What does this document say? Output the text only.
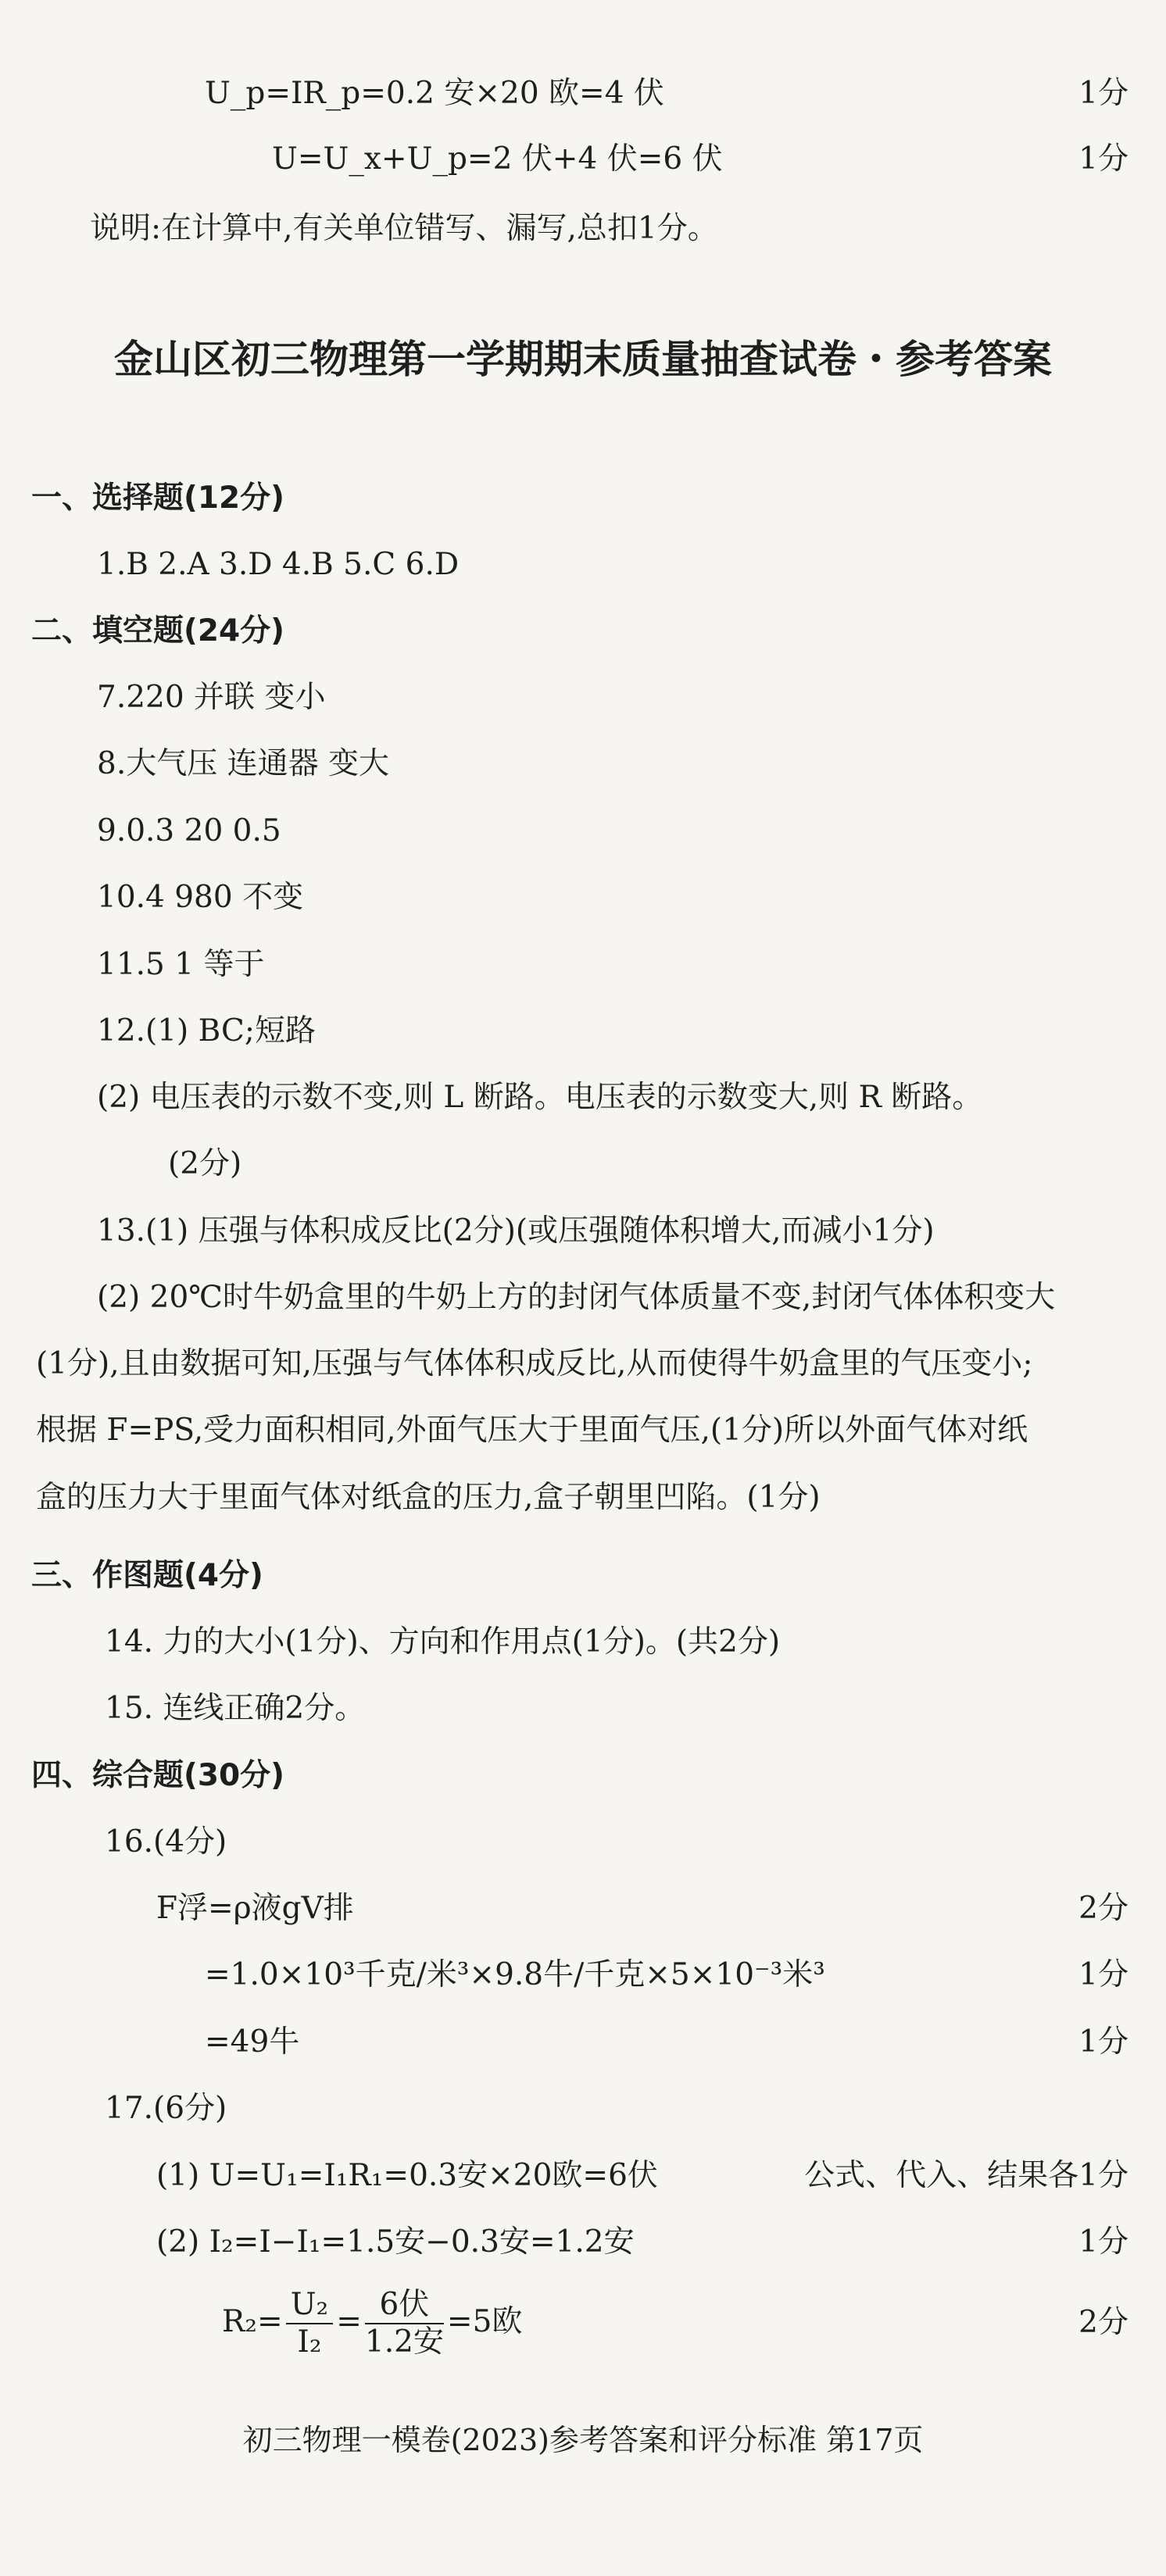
U_p=IR_p=0.2 安×20 欧=4 伏	1分
U=U_x+U_p=2 伏+4 伏=6 伏	1分
说明:在计算中,有关单位错写、漏写,总扣1分。
金山区初三物理第一学期期末质量抽查试卷・参考答案
一、选择题(12分)
1.B 2.A 3.D 4.B 5.C 6.D
二、填空题(24分)
7.220 并联 变小
8.大气压 连通器 变大
9.0.3 20 0.5
10.4 980 不变
11.5 1 等于
12.(1) BC;短路
(2) 电压表的示数不变,则 L 断路。电压表的示数变大,则 R 断路。
(2分)
13.(1) 压强与体积成反比(2分)(或压强随体积增大,而减小1分)
(2) 20℃时牛奶盒里的牛奶上方的封闭气体质量不变,封闭气体体积变大
(1分),且由数据可知,压强与气体体积成反比,从而使得牛奶盒里的气压变小;
根据 F=PS,受力面积相同,外面气压大于里面气压,(1分)所以外面气体对纸
盒的压力大于里面气体对纸盒的压力,盒子朝里凹陷。(1分)
三、作图题(4分)
14. 力的大小(1分)、方向和作用点(1分)。(共2分)
15. 连线正确2分。
四、综合题(30分)
16.(4分)
F浮=ρ液gV排	2分
=1.0×10³千克/米³×9.8牛/千克×5×10⁻³米³	1分
=49牛	1分
17.(6分)
(1) U=U₁=I₁R₁=0.3安×20欧=6伏	公式、代入、结果各1分
(2) I₂=I−I₁=1.5安−0.3安=1.2安	1分
$R_2= \frac{\text{U₂}}{\text{I₂}} = \frac{\text{6伏}}{\text{1.2安}} =5$欧	2分
初三物理一模卷(2023)参考答案和评分标准 第17页
